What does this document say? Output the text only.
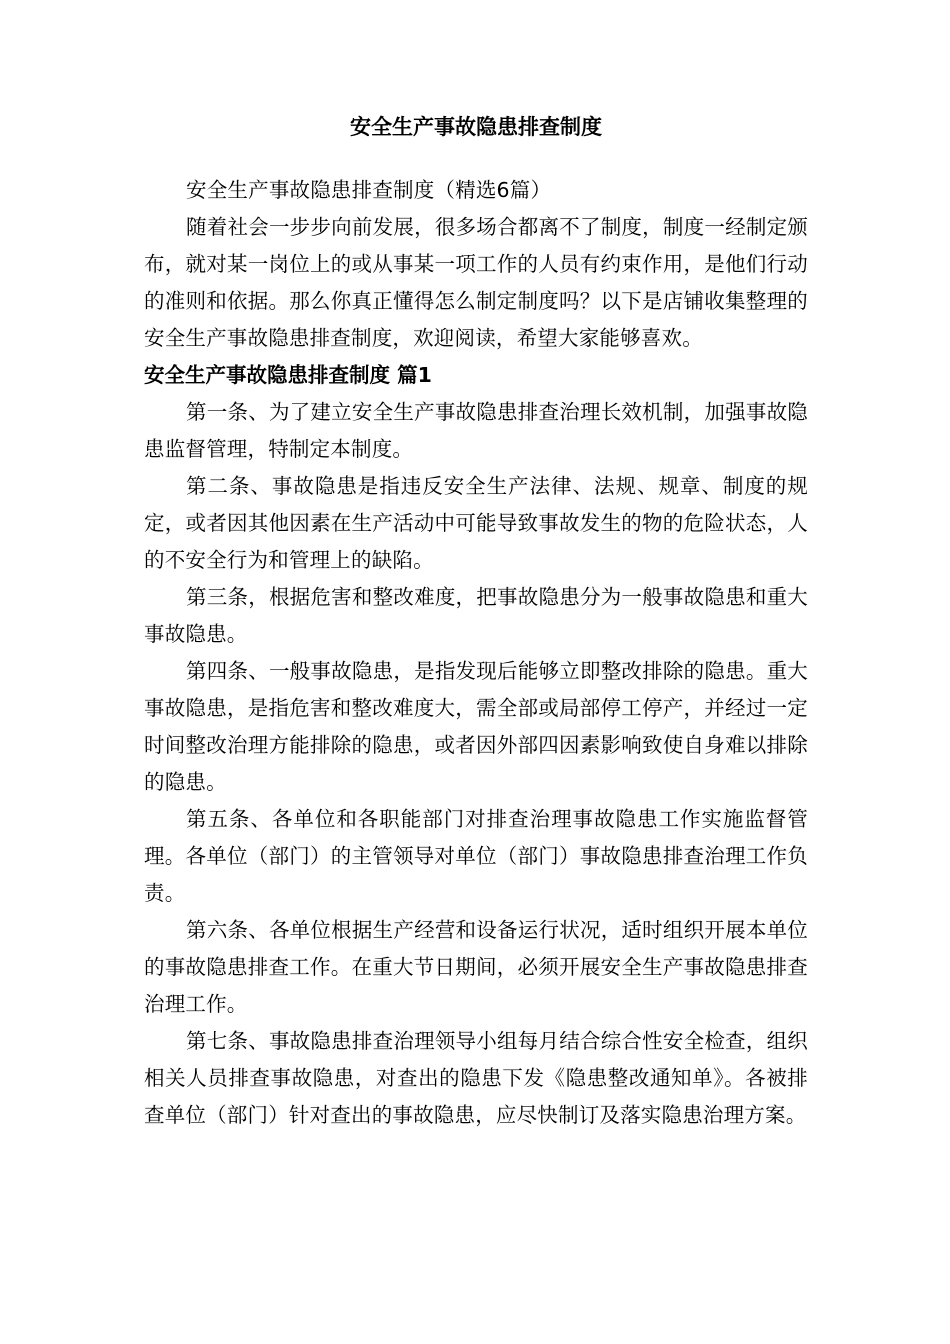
安全生产事故隐患排查制度

安全生产事故隐患排查制度（精选6篇）

随着社会一步步向前发展，很多场合都离不了制度，制度一经制定颁布，就对某一岗位上的或从事某一项工作的人员有约束作用，是他们行动的准则和依据。那么你真正懂得怎么制定制度吗？以下是店铺收集整理的安全生产事故隐患排查制度，欢迎阅读，希望大家能够喜欢。

安全生产事故隐患排查制度 篇1

第一条、为了建立安全生产事故隐患排查治理长效机制，加强事故隐患监督管理，特制定本制度。

第二条、事故隐患是指违反安全生产法律、法规、规章、制度的规定，或者因其他因素在生产活动中可能导致事故发生的物的危险状态，人的不安全行为和管理上的缺陷。

第三条，根据危害和整改难度，把事故隐患分为一般事故隐患和重大事故隐患。

第四条、一般事故隐患，是指发现后能够立即整改排除的隐患。重大事故隐患，是指危害和整改难度大，需全部或局部停工停产，并经过一定时间整改治理方能排除的隐患，或者因外部四因素影响致使自身难以排除的隐患。

第五条、各单位和各职能部门对排查治理事故隐患工作实施监督管理。各单位（部门）的主管领导对单位（部门）事故隐患排查治理工作负责。

第六条、各单位根据生产经营和设备运行状况，适时组织开展本单位的事故隐患排查工作。在重大节日期间，必须开展安全生产事故隐患排查治理工作。

第七条、事故隐患排查治理领导小组每月结合综合性安全检查，组织相关人员排查事故隐患，对查出的隐患下发《隐患整改通知单》。各被排查单位（部门）针对查出的事故隐患，应尽快制订及落实隐患治理方案。
